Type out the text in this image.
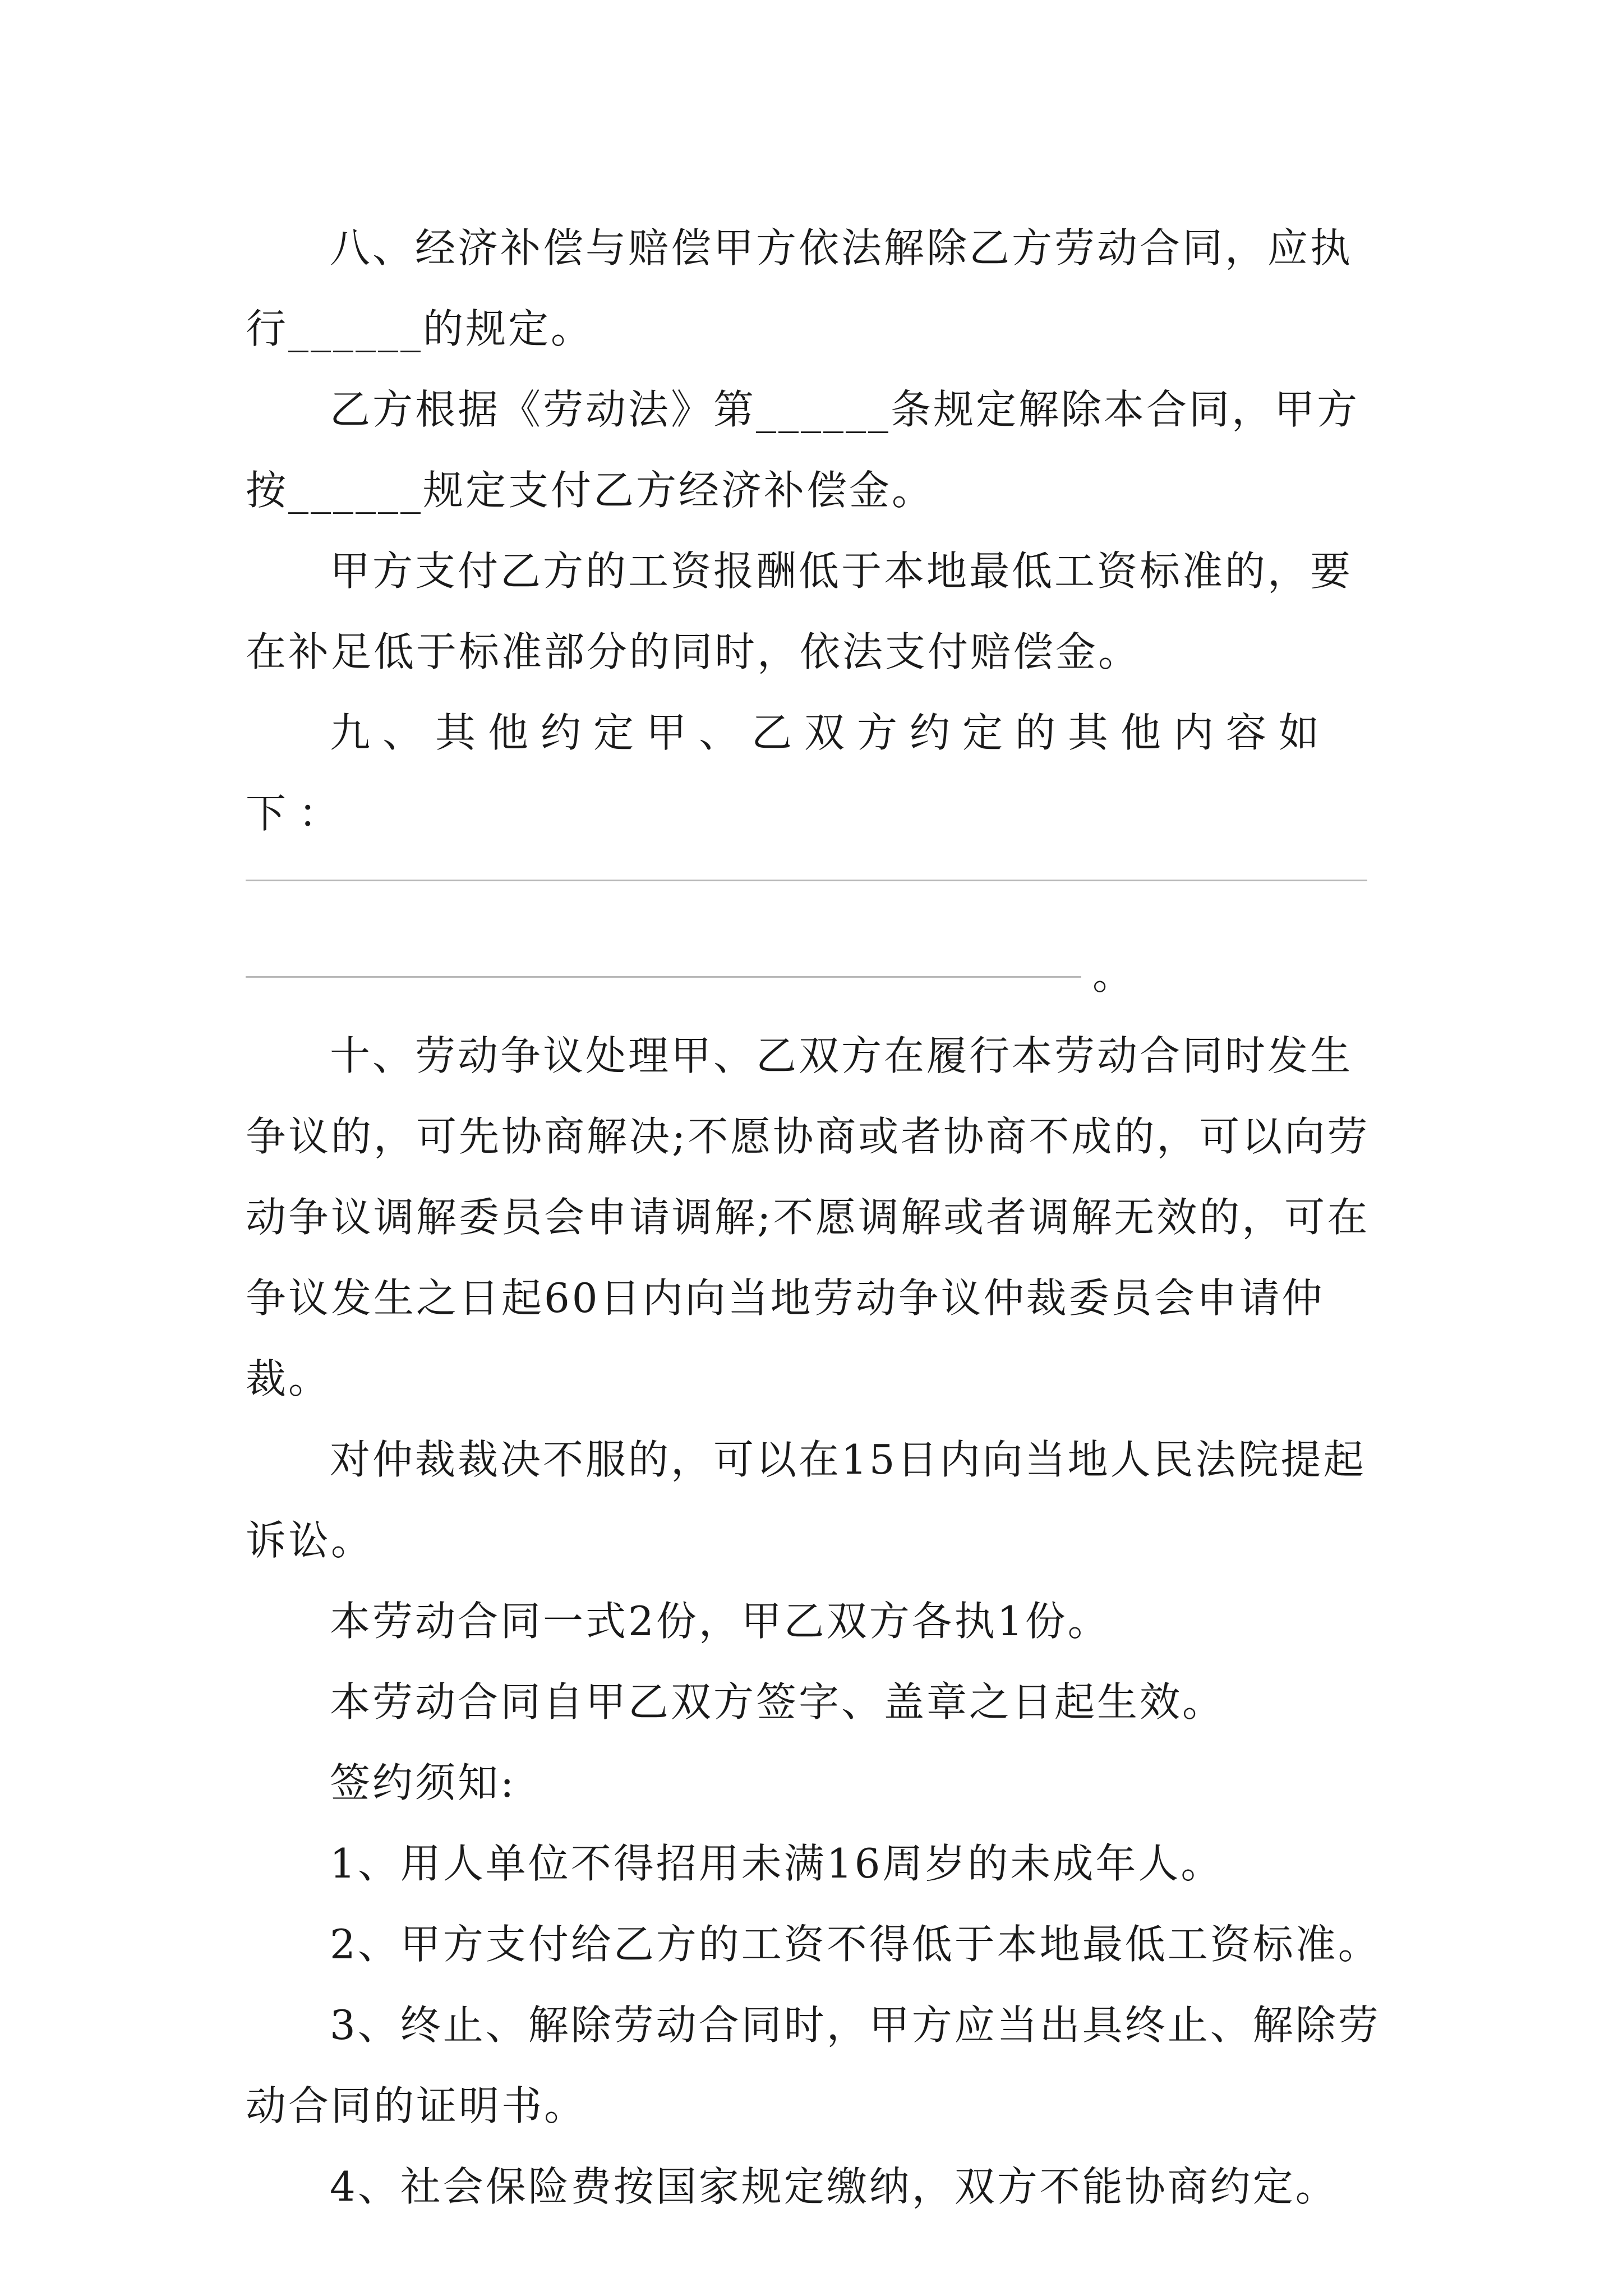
八、经济补偿与赔偿甲方依法解除乙方劳动合同，应执行______的规定。

乙方根据《劳动法》第______条规定解除本合同，甲方按______规定支付乙方经济补偿金。

甲方支付乙方的工资报酬低于本地最低工资标准的，要在补足低于标准部分的同时，依法支付赔偿金。

九、其他约定甲、乙双方约定的其他内容如下：

。

十、劳动争议处理甲、乙双方在履行本劳动合同时发生争议的，可先协商解决;不愿协商或者协商不成的，可以向劳动争议调解委员会申请调解;不愿调解或者调解无效的，可在争议发生之日起60日内向当地劳动争议仲裁委员会申请仲裁。

对仲裁裁决不服的，可以在15日内向当地人民法院提起诉讼。

本劳动合同一式2份，甲乙双方各执1份。

本劳动合同自甲乙双方签字、盖章之日起生效。

签约须知:

1、用人单位不得招用未满16周岁的未成年人。

2、甲方支付给乙方的工资不得低于本地最低工资标准。

3、终止、解除劳动合同时，甲方应当出具终止、解除劳动合同的证明书。

4、社会保险费按国家规定缴纳，双方不能协商约定。
